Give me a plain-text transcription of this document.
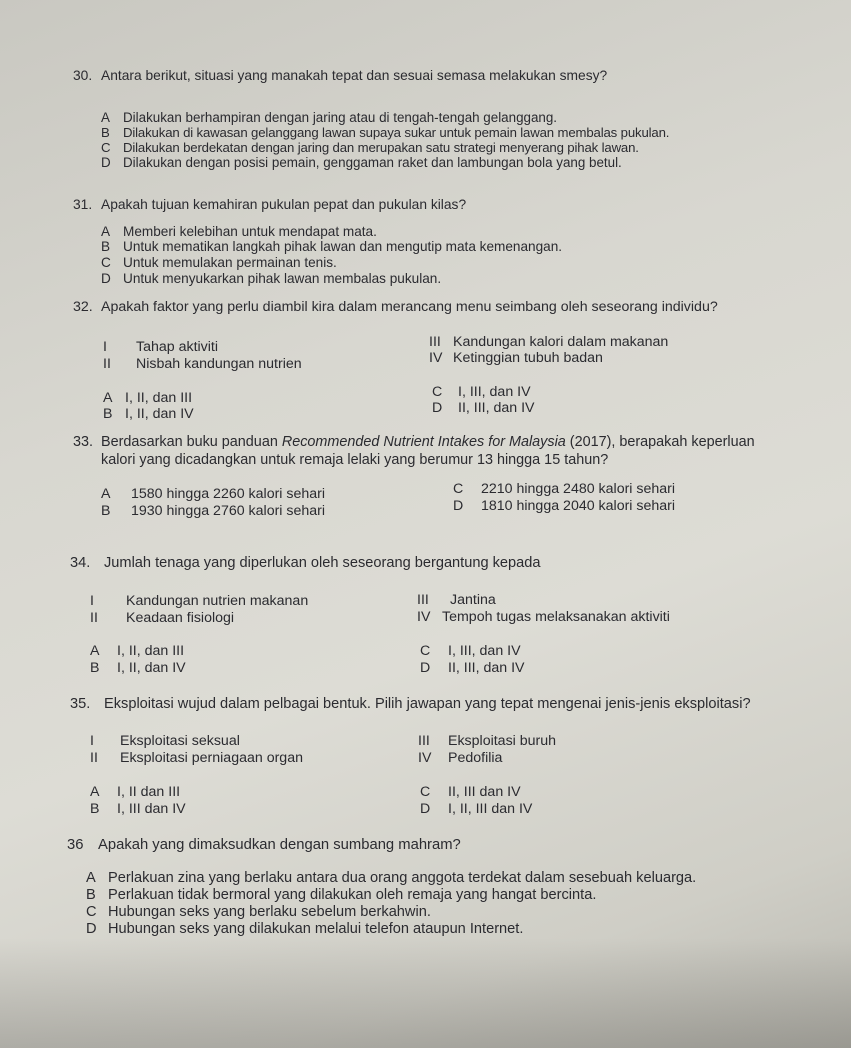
30. Antara berikut, situasi yang manakah tepat dan sesuai semasa melakukan smesy?
A Dilakukan berhampiran dengan jaring atau di tengah-tengah gelanggang.
B Dilakukan di kawasan gelanggang lawan supaya sukar untuk pemain lawan membalas pukulan.
C Dilakukan berdekatan dengan jaring dan merupakan satu strategi menyerang pihak lawan.
D Dilakukan dengan posisi pemain, genggaman raket dan lambungan bola yang betul.
31. Apakah tujuan kemahiran pukulan pepat dan pukulan kilas?
A Memberi kelebihan untuk mendapat mata.
B Untuk mematikan langkah pihak lawan dan mengutip mata kemenangan.
C Untuk memulakan permainan tenis.
D Untuk menyukarkan pihak lawan membalas pukulan.
32. Apakah faktor yang perlu diambil kira dalam merancang menu seimbang oleh seseorang individu?
I Tahap aktiviti
II Nisbah kandungan nutrien
III Kandungan kalori dalam makanan
IV Ketinggian tubuh badan
A I, II, dan III
B I, II, dan IV
C I, III, dan IV
D II, III, dan IV
33. Berdasarkan buku panduan Recommended Nutrient Intakes for Malaysia (2017), berapakah keperluan
kalori yang dicadangkan untuk remaja lelaki yang berumur 13 hingga 15 tahun?
A 1580 hingga 2260 kalori sehari
B 1930 hingga 2760 kalori sehari
C 2210 hingga 2480 kalori sehari
D 1810 hingga 2040 kalori sehari
34. Jumlah tenaga yang diperlukan oleh seseorang bergantung kepada
I Kandungan nutrien makanan
II Keadaan fisiologi
III Jantina
IV Tempoh tugas melaksanakan aktiviti
A I, II, dan III
B I, II, dan IV
C I, III, dan IV
D II, III, dan IV
35. Eksploitasi wujud dalam pelbagai bentuk. Pilih jawapan yang tepat mengenai jenis-jenis eksploitasi?
I Eksploitasi seksual
II Eksploitasi perniagaan organ
III Eksploitasi buruh
IV Pedofilia
A I, II dan III
B I, III dan IV
C II, III dan IV
D I, II, III dan IV
36 Apakah yang dimaksudkan dengan sumbang mahram?
A Perlakuan zina yang berlaku antara dua orang anggota terdekat dalam sesebuah keluarga.
B Perlakuan tidak bermoral yang dilakukan oleh remaja yang hangat bercinta.
C Hubungan seks yang berlaku sebelum berkahwin.
D Hubungan seks yang dilakukan melalui telefon ataupun Internet.
